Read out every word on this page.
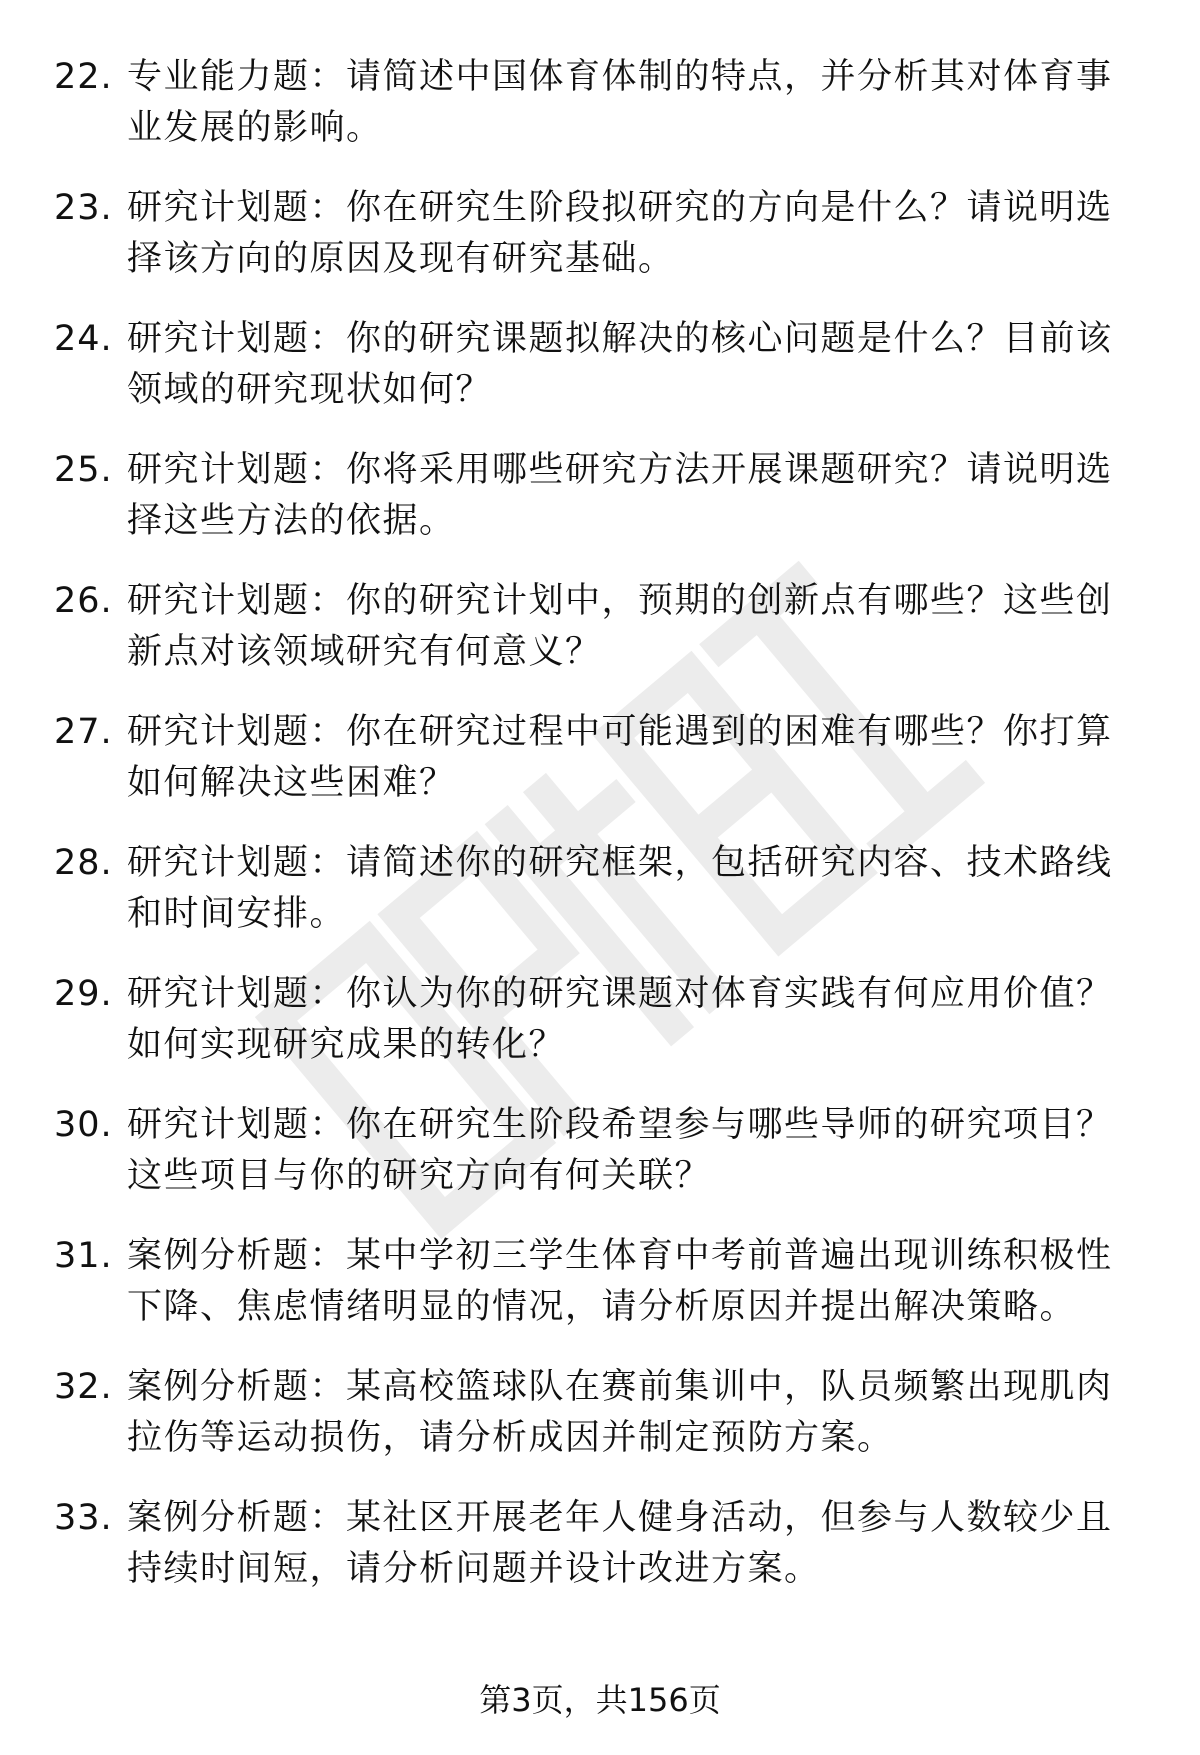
22. 专业能力题：请简述中国体育体制的特点，并分析其对体育事业发展的影响。
23. 研究计划题：你在研究生阶段拟研究的方向是什么？请说明选择该方向的原因及现有研究基础。
24. 研究计划题：你的研究课题拟解决的核心问题是什么？目前该领域的研究现状如何？
25. 研究计划题：你将采用哪些研究方法开展课题研究？请说明选择这些方法的依据。
26. 研究计划题：你的研究计划中，预期的创新点有哪些？这些创新点对该领域研究有何意义？
27. 研究计划题：你在研究过程中可能遇到的困难有哪些？你打算如何解决这些困难？
28. 研究计划题：请简述你的研究框架，包括研究内容、技术路线和时间安排。
29. 研究计划题：你认为你的研究课题对体育实践有何应用价值？如何实现研究成果的转化？
30. 研究计划题：你在研究生阶段希望参与哪些导师的研究项目？这些项目与你的研究方向有何关联？
31. 案例分析题：某中学初三学生体育中考前普遍出现训练积极性下降、焦虑情绪明显的情况，请分析原因并提出解决策略。
32. 案例分析题：某高校篮球队在赛前集训中，队员频繁出现肌肉拉伤等运动损伤，请分析成因并制定预防方案。
33. 案例分析题：某社区开展老年人健身活动，但参与人数较少且持续时间短，请分析问题并设计改进方案。
第3页，共156页
